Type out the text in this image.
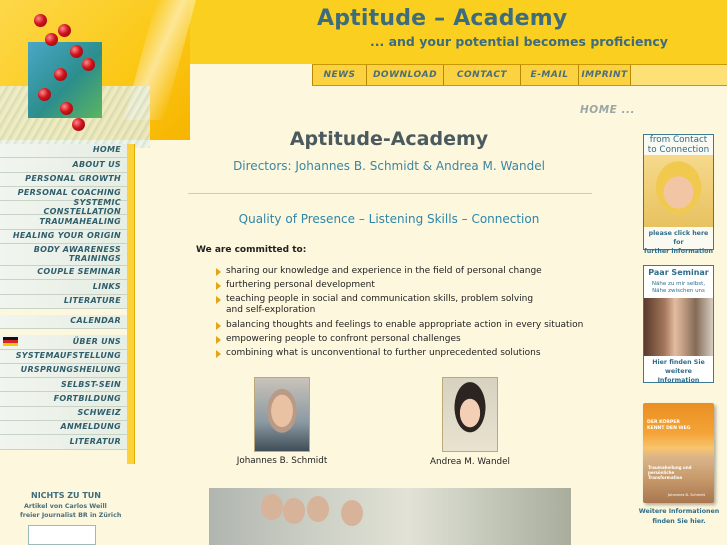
Aptitude – Academy
... and your potential becomes proficiency
NEWS	DOWNLOAD	CONTACT	E-MAIL	IMPRINT
HOME
ABOUT US
PERSONAL GROWTH
PERSONAL COACHING
SYSTEMIC CONSTELLATION
TRAUMAHEALING
HEALING YOUR ORIGIN
BODY AWARENESS TRAININGS
COUPLE SEMINAR
LINKS
LITERATURE
CALENDAR
ÜBER UNS
SYSTEMAUFSTELLUNG
URSPRUNGSHEILUNG
SELBST-SEIN
FORTBILDUNG
SCHWEIZ
ANMELDUNG
LITERATUR
NICHTS ZU TUN
Artikel von Carlos Weill
freier Journalist BR in Zürich
HOME ...
Aptitude-Academy
Directors: Johannes B. Schmidt & Andrea M. Wandel
Quality of Presence – Listening Skills – Connection
We are committed to:
sharing our knowledge and experience in the field of personal change
furthering personal development
teaching people in social and communication skills, problem solving
and self-exploration
balancing thoughts and feelings to enable appropriate action in every situation
empowering people to confront personal challenges
combining what is unconventional to further unprecedented solutions
Johannes B. Schmidt	Andrea M. Wandel
from Contact
to Connection
please click here for
further information
Paar Seminar
Nähe zu mir selbst,
Nähe zwischen uns
Hier finden Sie
weitere Information
DER KÖRPER
KENNT DEN WEG
Traumaheilung und persönliche Transformation
Johannes B. Schmidt
Weitere Informationen
finden Sie hier.
